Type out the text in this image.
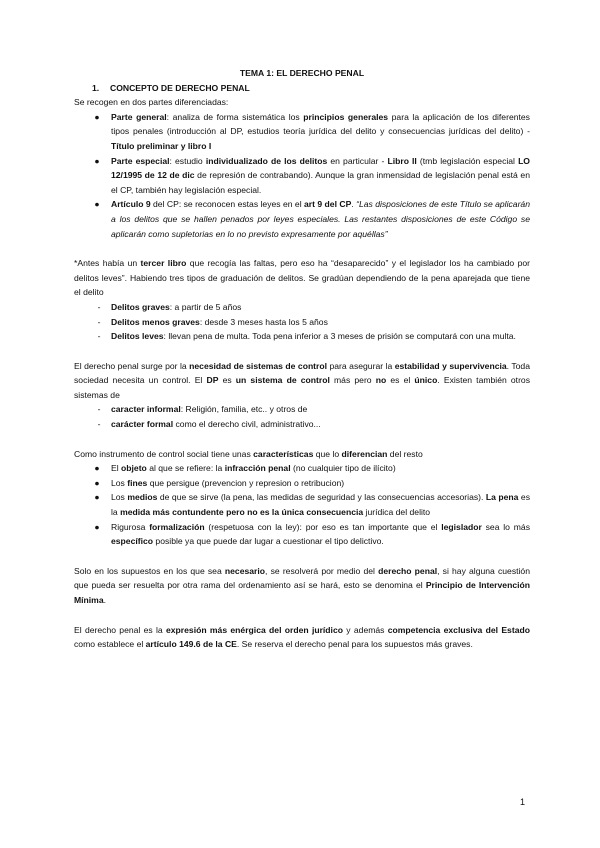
TEMA 1: EL DERECHO PENAL

1. CONCEPTO DE DERECHO PENAL

Se recogen en dos partes diferenciadas:

●	Parte general: analiza de forma sistemática los principios generales para la aplicación de los diferentes tipos penales (introducción al DP, estudios teoría jurídica del delito y consecuencias jurídicas del delito) - Título preliminar y libro I
●	Parte especial: estudio individualizado de los delitos en particular - Libro II (tmb legislación especial LO 12/1995 de 12 de dic de represión de contrabando). Aunque la gran inmensidad de legislación penal está en el CP, también hay legislación especial.
●	Artículo 9 del CP: se reconocen estas leyes en el art 9 del CP. “Las disposiciones de este Título se aplicarán a los delitos que se hallen penados por leyes especiales. Las restantes disposiciones de este Código se aplicarán como supletorias en lo no previsto expresamente por aquéllas”

*Antes había un tercer libro que recogía las faltas, pero eso ha “desaparecido” y el legislador los ha cambiado por delitos leves”. Habiendo tres tipos de graduación de delitos. Se gradúan dependiendo de la pena aparejada que tiene el delito

-	Delitos graves: a partir de 5 años
-	Delitos menos graves: desde 3 meses hasta los 5 años
-	Delitos leves: llevan pena de multa. Toda pena inferior a 3 meses de prisión se computará con una multa.

El derecho penal surge por la necesidad de sistemas de control para asegurar la estabilidad y supervivencia. Toda sociedad necesita un control. El DP es un sistema de control más pero no es el único. Existen también otros sistemas de

-	caracter informal: Religión, familia, etc.. y otros de
-	carácter formal como el derecho civil, administrativo...

Como instrumento de control social tiene unas características que lo diferencian del resto

●	El objeto al que se refiere: la infracción penal (no cualquier tipo de ilícito)
●	Los fines que persigue (prevencion y represion o retribucion)
●	Los medios de que se sirve (la pena, las medidas de seguridad y las consecuencias accesorias). La pena es la medida más contundente pero no es la única consecuencia jurídica del delito
●	Rigurosa formalización (respetuosa con la ley): por eso es tan importante que el legislador sea lo más específico posible ya que puede dar lugar a cuestionar el tipo delictivo.

Solo en los supuestos en los que sea necesario, se resolverá por medio del derecho penal, si hay alguna cuestión que pueda ser resuelta por otra rama del ordenamiento así se hará, esto se denomina el Principio de Intervención Mínima.

El derecho penal es la expresión más enérgica del orden jurídico y además competencia exclusiva del Estado como establece el artículo 149.6 de la CE. Se reserva el derecho penal para los supuestos más graves.

1
